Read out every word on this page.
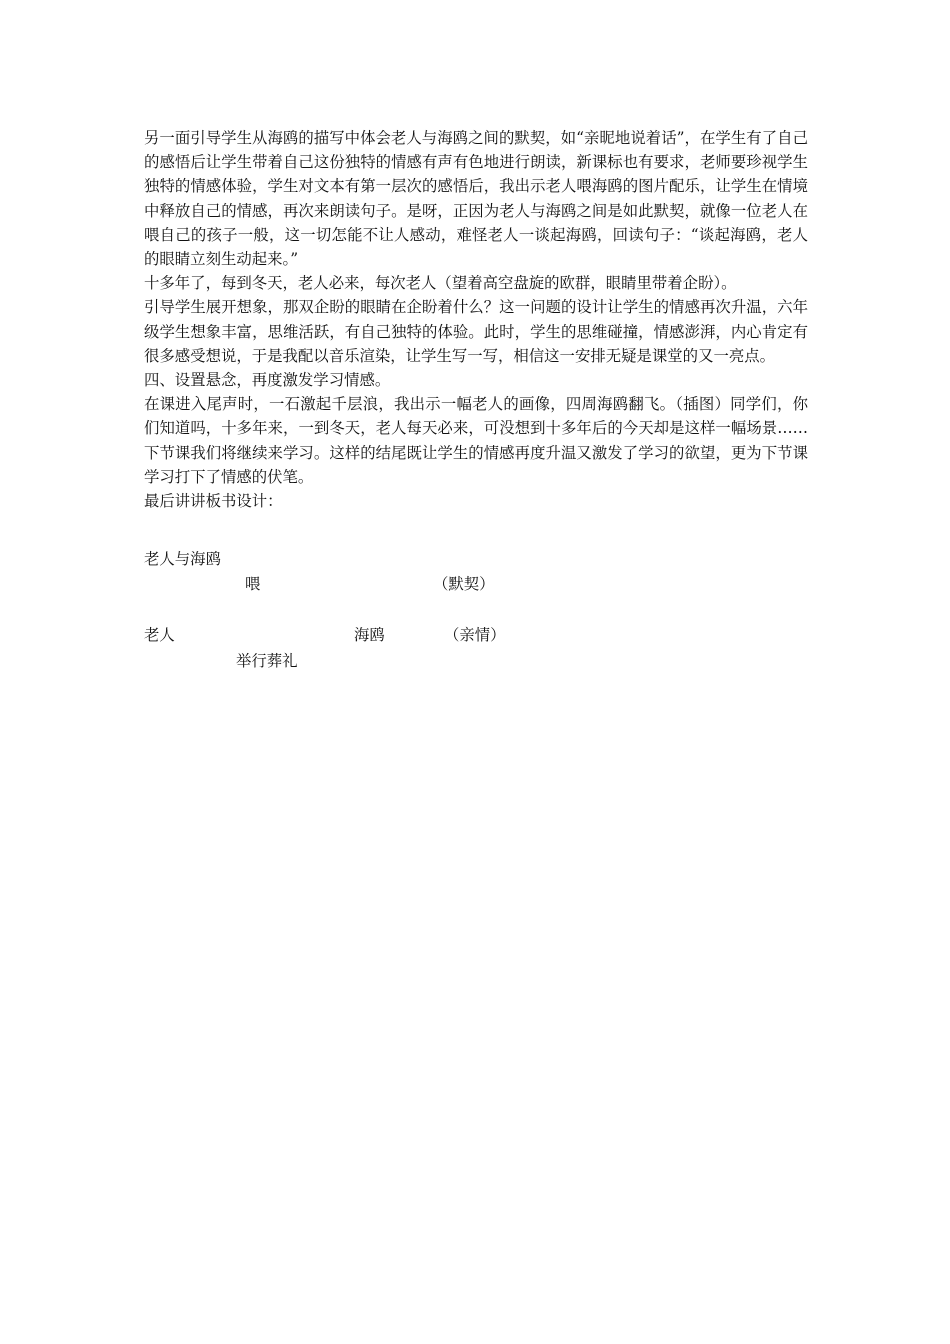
另一面引导学生从海鸥的描写中体会老人与海鸥之间的默契，如“亲昵地说着话”，在学生有了自己的感悟后让学生带着自己这份独特的情感有声有色地进行朗读，新课标也有要求，老师要珍视学生独特的情感体验，学生对文本有第一层次的感悟后，我出示老人喂海鸥的图片配乐，让学生在情境中释放自己的情感，再次来朗读句子。是呀，正因为老人与海鸥之间是如此默契，就像一位老人在喂自己的孩子一般，这一切怎能不让人感动，难怪老人一谈起海鸥，回读句子：“谈起海鸥，老人的眼睛立刻生动起来。”

十多年了，每到冬天，老人必来，每次老人（望着高空盘旋的欧群，眼睛里带着企盼）。

引导学生展开想象，那双企盼的眼睛在企盼着什么？这一问题的设计让学生的情感再次升温，六年级学生想象丰富，思维活跃，有自己独特的体验。此时，学生的思维碰撞，情感澎湃，内心肯定有很多感受想说，于是我配以音乐渲染，让学生写一写，相信这一安排无疑是课堂的又一亮点。

四、设置悬念，再度激发学习情感。

在课进入尾声时，一石激起千层浪，我出示一幅老人的画像，四周海鸥翻飞。（插图）同学们，你们知道吗，十多年来，一到冬天，老人每天必来，可没想到十多年后的今天却是这样一幅场景……下节课我们将继续来学习。这样的结尾既让学生的情感再度升温又激发了学习的欲望，更为下节课学习打下了情感的伏笔。

最后讲讲板书设计：

老人与海鸥
喂	（默契）
老人	海鸥	（亲情）
举行葬礼
